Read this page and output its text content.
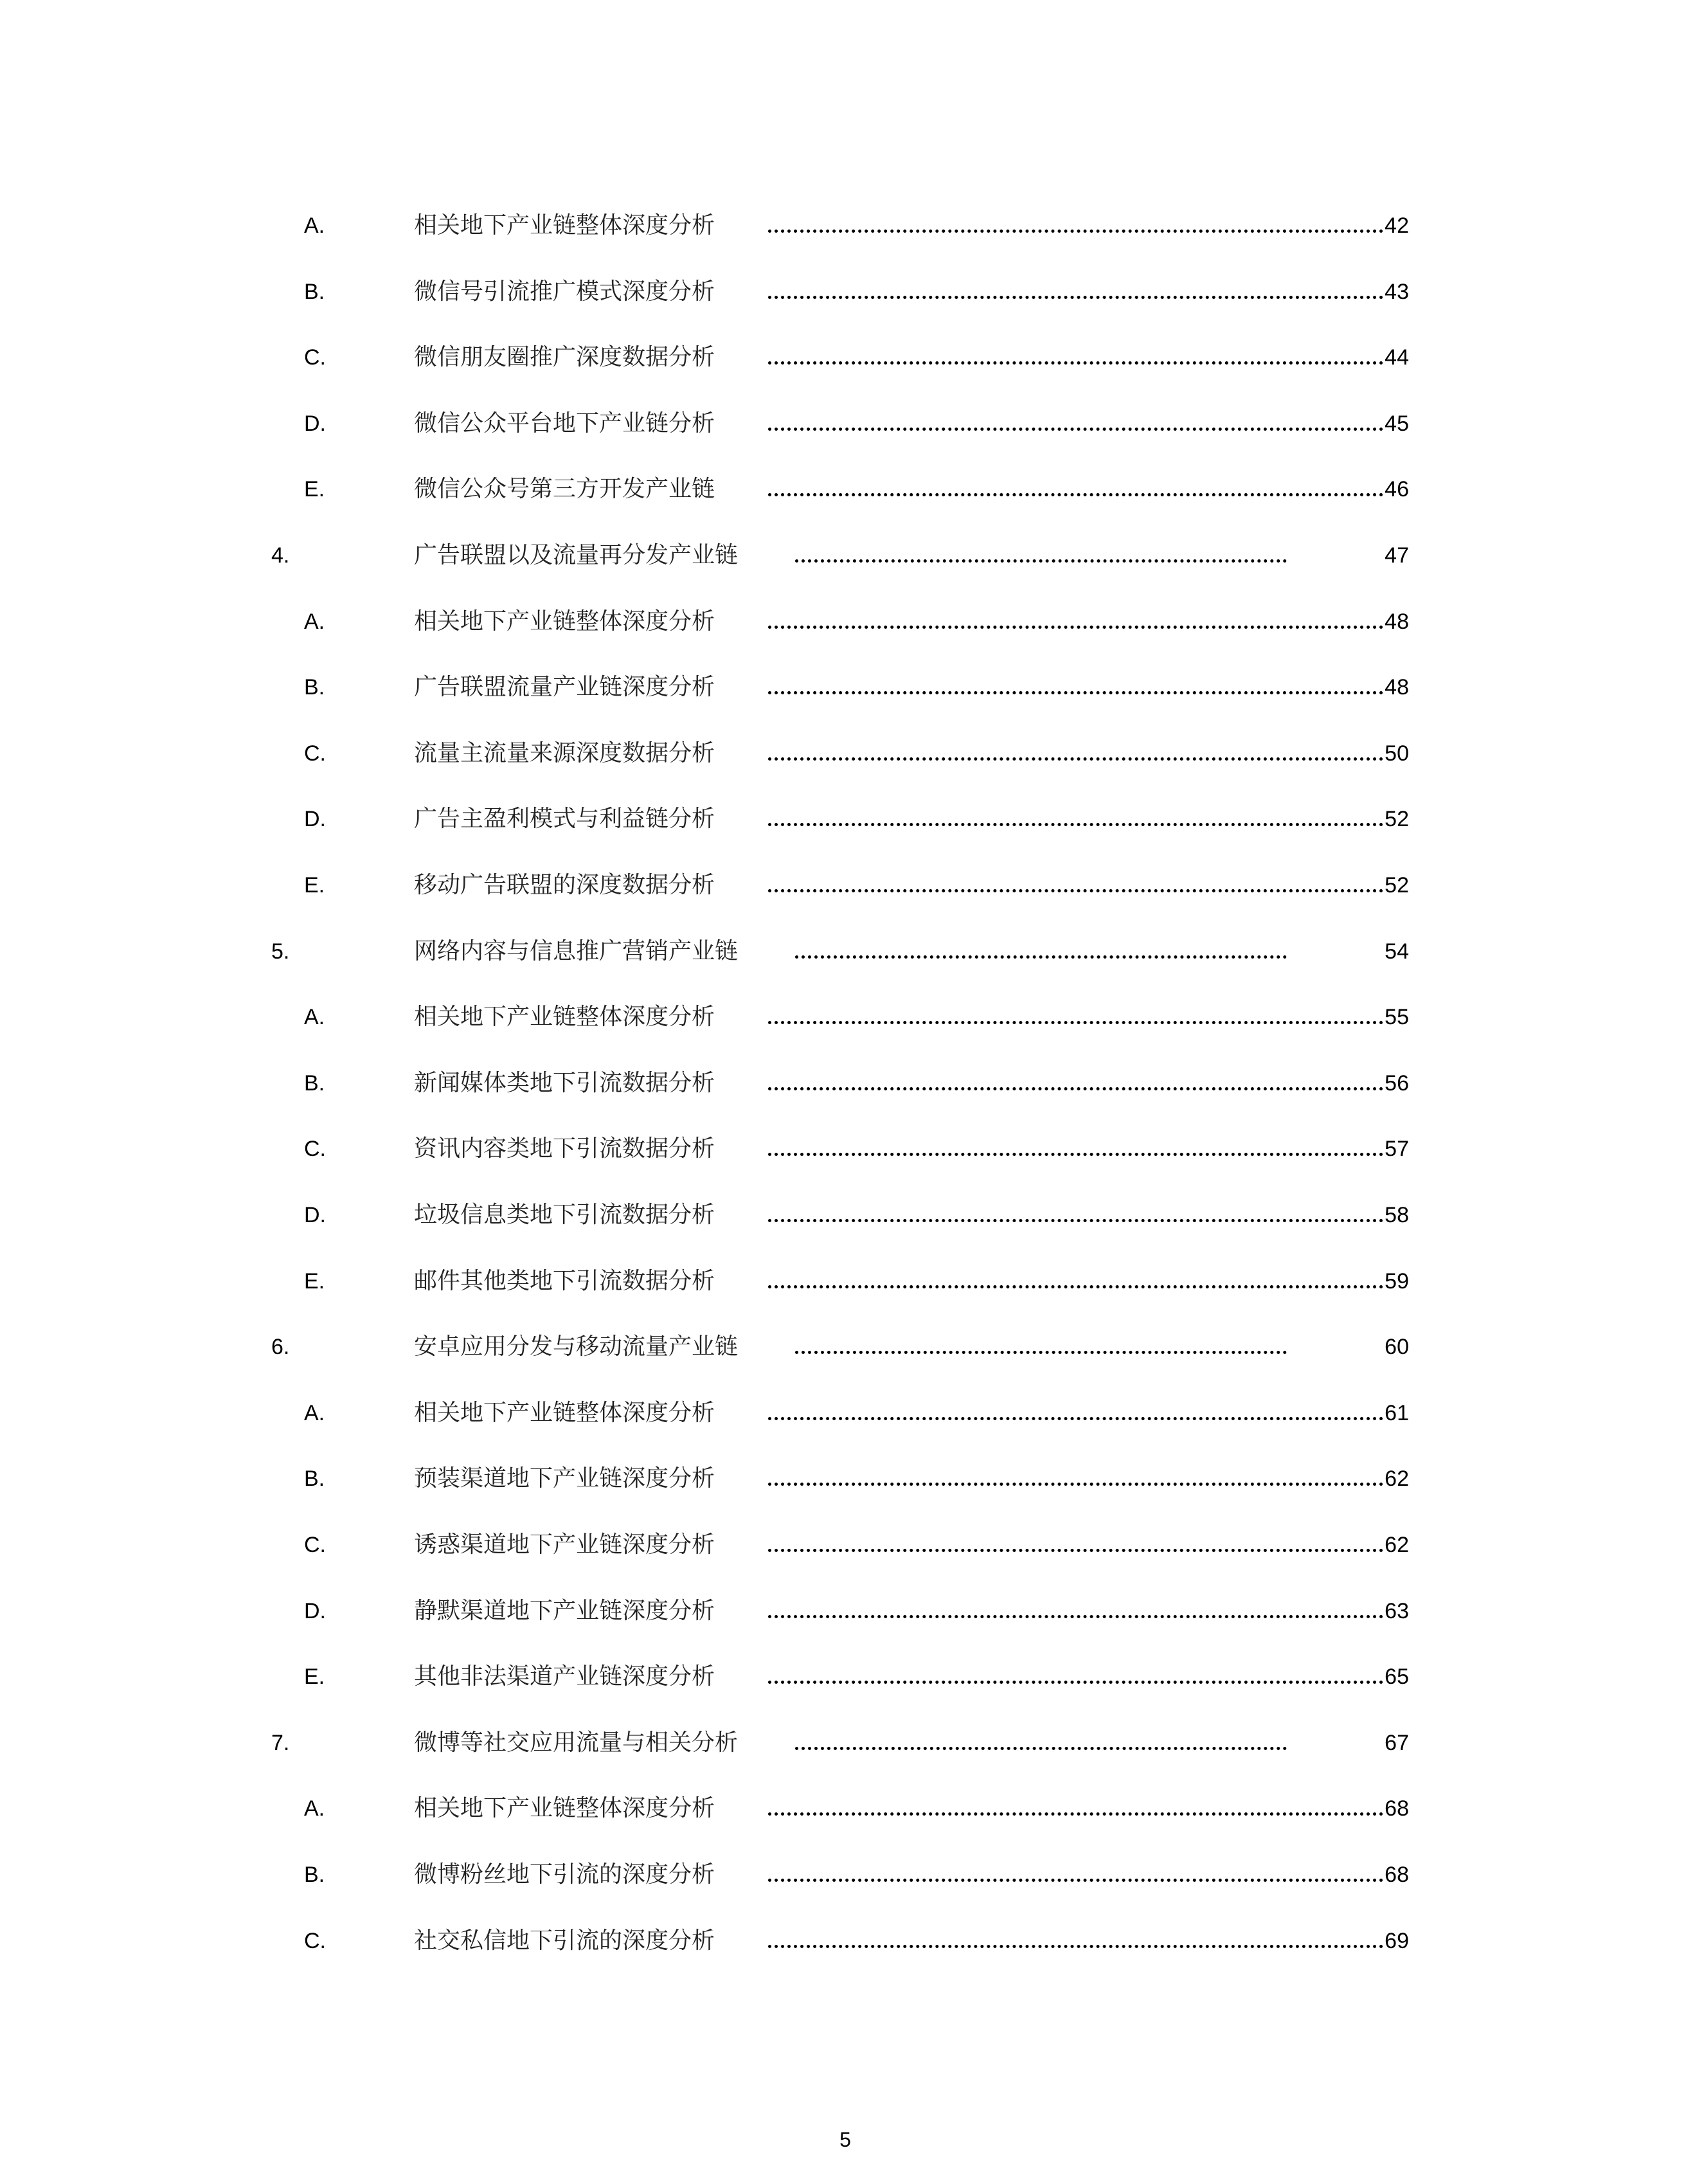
A.	相关地下产业链整体深度分析	42
B.	微信号引流推广模式深度分析	43
C.	微信朋友圈推广深度数据分析	44
D.	微信公众平台地下产业链分析	45
E.	微信公众号第三方开发产业链	46
4.	广告联盟以及流量再分发产业链	47
A.	相关地下产业链整体深度分析	48
B.	广告联盟流量产业链深度分析	48
C.	流量主流量来源深度数据分析	50
D.	广告主盈利模式与利益链分析	52
E.	移动广告联盟的深度数据分析	52
5.	网络内容与信息推广营销产业链	54
A.	相关地下产业链整体深度分析	55
B.	新闻媒体类地下引流数据分析	56
C.	资讯内容类地下引流数据分析	57
D.	垃圾信息类地下引流数据分析	58
E.	邮件其他类地下引流数据分析	59
6.	安卓应用分发与移动流量产业链	60
A.	相关地下产业链整体深度分析	61
B.	预装渠道地下产业链深度分析	62
C.	诱惑渠道地下产业链深度分析	62
D.	静默渠道地下产业链深度分析	63
E.	其他非法渠道产业链深度分析	65
7.	微博等社交应用流量与相关分析	67
A.	相关地下产业链整体深度分析	68
B.	微博粉丝地下引流的深度分析	68
C.	社交私信地下引流的深度分析	69
5
